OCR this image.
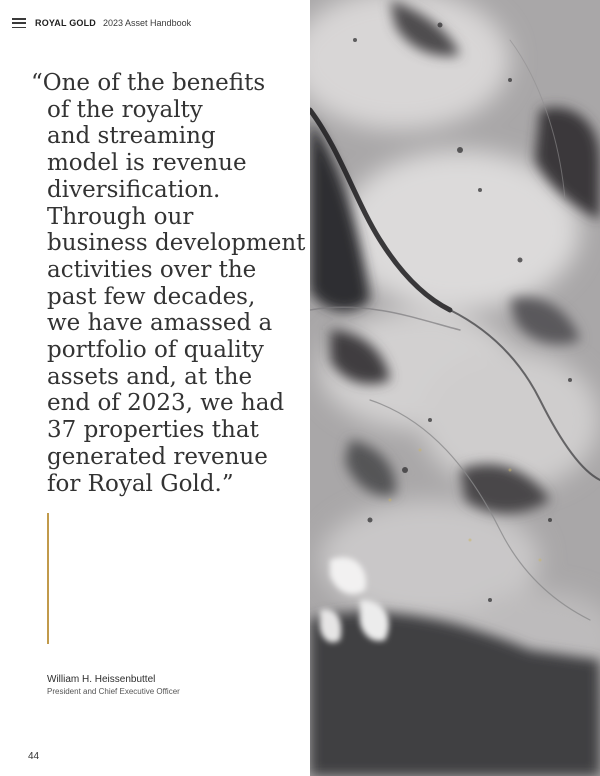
ROYAL GOLD 2023 Asset Handbook
“One of the benefits
of the royalty
and streaming
model is revenue
diversification.
Through our
business development
activities over the
past few decades,
we have amassed a
portfolio of quality
assets and, at the
end of 2023, we had
37 properties that
generated revenue
for Royal Gold.”
William H. Heissenbuttel
President and Chief Executive Officer
44
